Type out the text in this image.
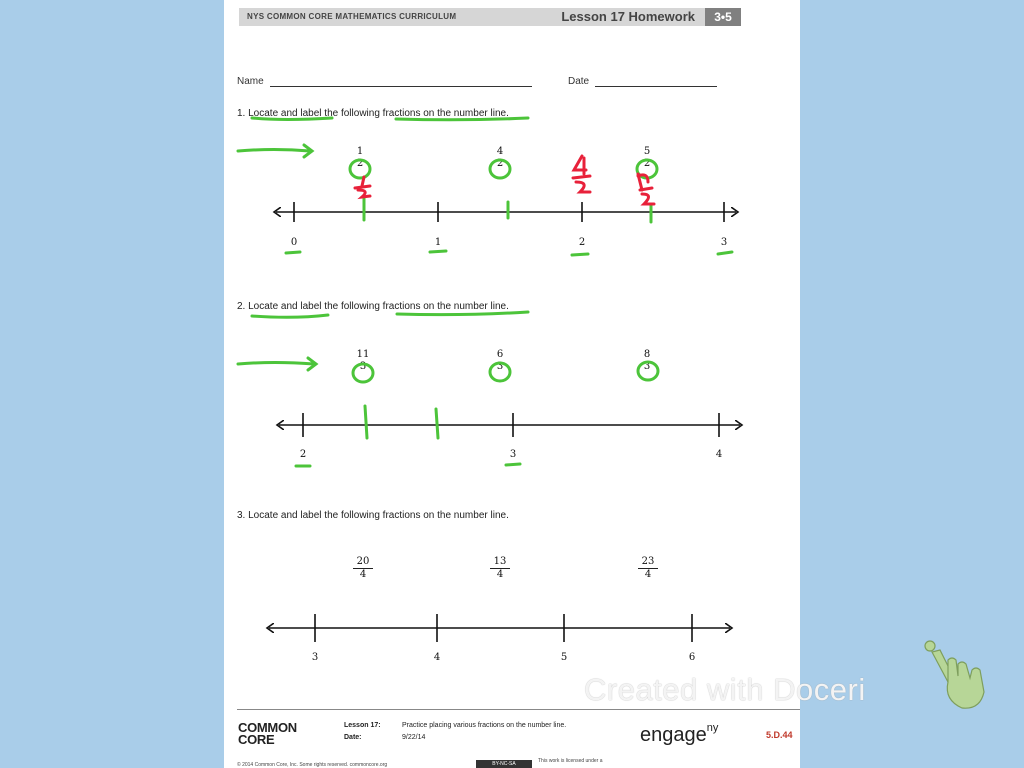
NYS COMMON CORE MATHEMATICS CURRICULUM	Lesson 17 Homework	3•5
Name	Date
1. Locate and label the following fractions on the number line.
1
2
4
2
5
2
0	1	2	3
2. Locate and label the following fractions on the number line.
11
3
6
3
8
3
2	3	4
3. Locate and label the following fractions on the number line.
$\frac{20}{4}$	$\frac{13}{4}$	$\frac{23}{4}$
3	4	5	6
COMMON CORE
Lesson 17:	Practice placing various fractions on the number line.
Date:	9/22/14	engage$^{ny}$
5.D.44
© 2014 Common Core, Inc. Some rights reserved. commoncore.org	BY-NC-SA	This work is licensed under a
Created with Doceri
